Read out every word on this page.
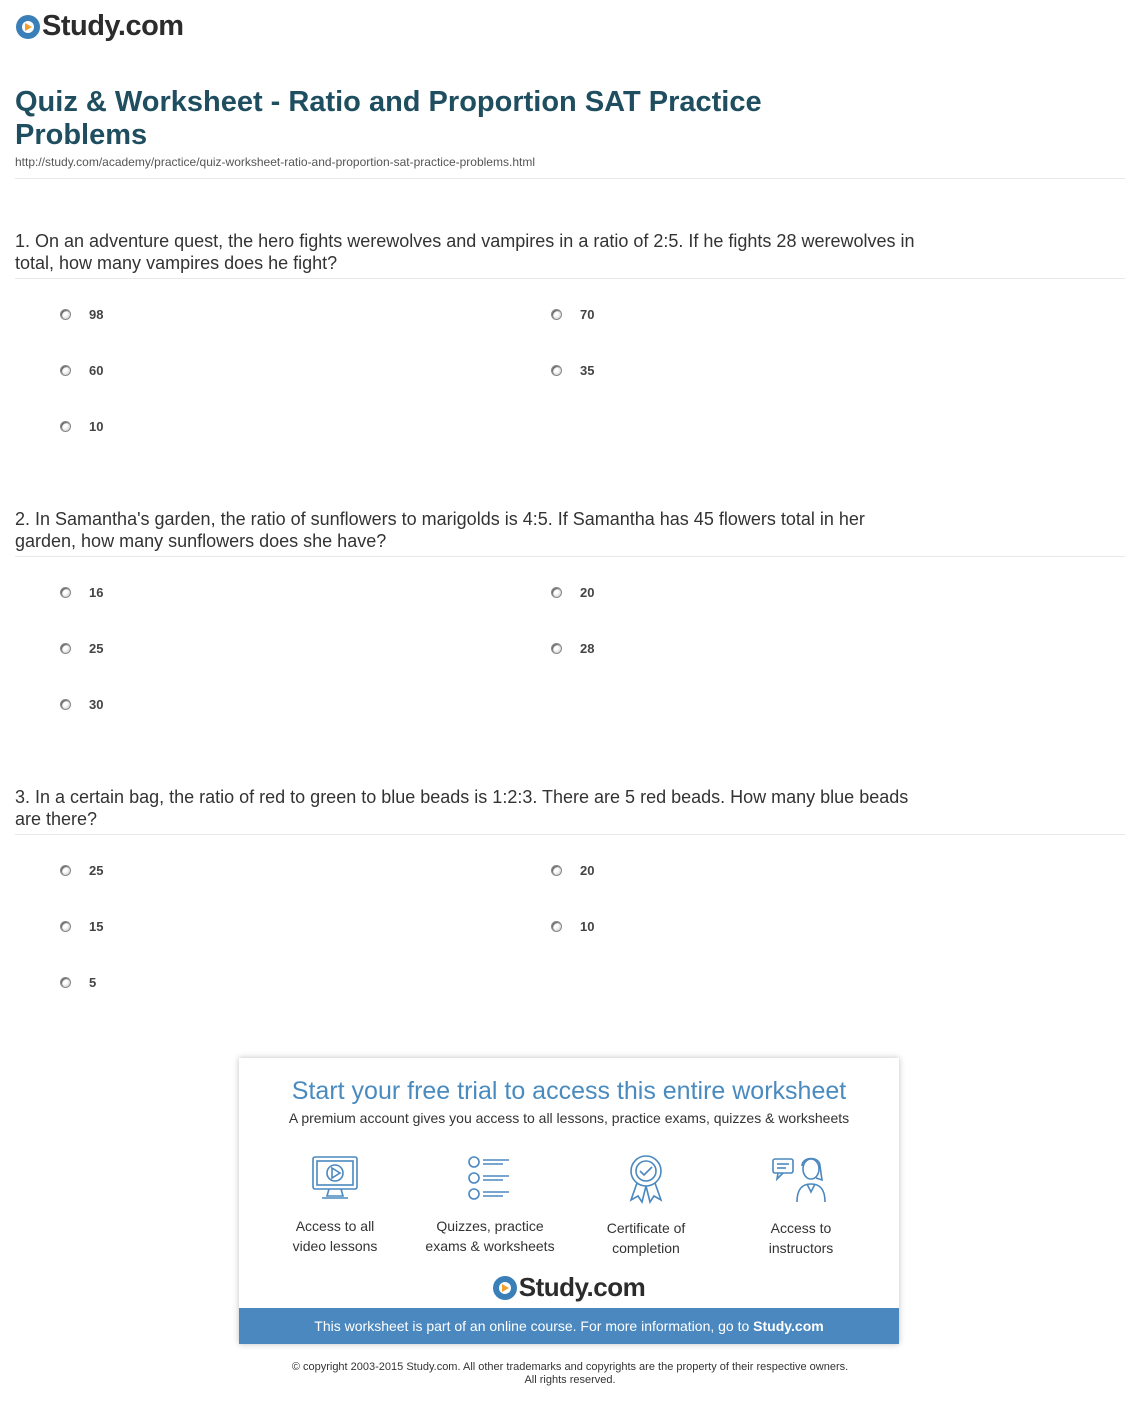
Study.com
Quiz & Worksheet - Ratio and Proportion SAT Practice Problems
http://study.com/academy/practice/quiz-worksheet-ratio-and-proportion-sat-practice-problems.html

1. On an adventure quest, the hero fights werewolves and vampires in a ratio of 2:5. If he fights 28 werewolves in total, how many vampires does he fight?

98	70
60	35
10

2. In Samantha's garden, the ratio of sunflowers to marigolds is 4:5. If Samantha has 45 flowers total in her garden, how many sunflowers does she have?

16	20
25	28
30

3. In a certain bag, the ratio of red to green to blue beads is 1:2:3. There are 5 red beads. How many blue beads are there?

25	20
15	10
5
Start your free trial to access this entire worksheet
A premium account gives you access to all lessons, practice exams, quizzes & worksheets
Access to all
video lessons
Quizzes, practice
exams & worksheets
Certificate of
completion
Access to
instructors
Study.com
This worksheet is part of an online course. For more information, go to Study.com
© copyright 2003-2015 Study.com. All other trademarks and copyrights are the property of their respective owners.
All rights reserved.
